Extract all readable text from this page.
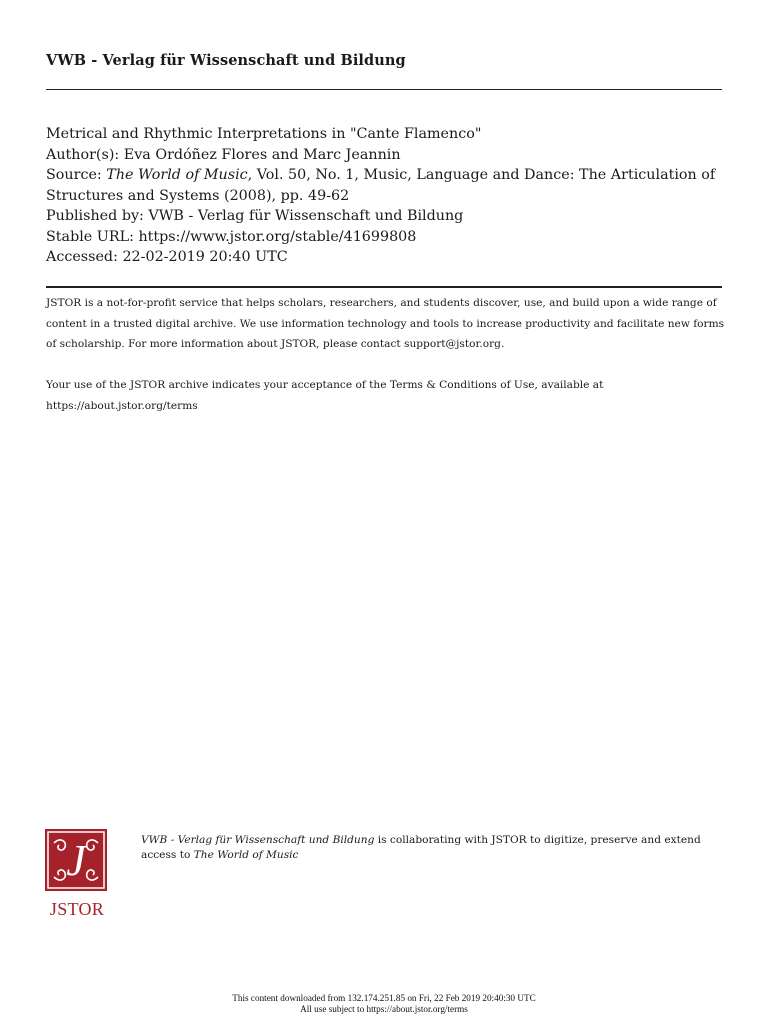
VWB - Verlag für Wissenschaft und Bildung
Metrical and Rhythmic Interpretations in "Cante Flamenco"
Author(s): Eva Ordóñez Flores and Marc Jeannin
Source: The World of Music, Vol. 50, No. 1, Music, Language and Dance: The Articulation of Structures and Systems (2008), pp. 49-62
Published by: VWB - Verlag für Wissenschaft und Bildung
Stable URL: https://www.jstor.org/stable/41699808
Accessed: 22-02-2019 20:40 UTC

JSTOR is a not-for-profit service that helps scholars, researchers, and students discover, use, and build upon a wide range of content in a trusted digital archive. We use information technology and tools to increase productivity and facilitate new forms of scholarship. For more information about JSTOR, please contact support@jstor.org.

Your use of the JSTOR archive indicates your acceptance of the Terms & Conditions of Use, available at https://about.jstor.org/terms

J
JSTOR
VWB - Verlag für Wissenschaft und Bildung is collaborating with JSTOR to digitize, preserve and extend access to The World of Music
This content downloaded from 132.174.251.85 on Fri, 22 Feb 2019 20:40:30 UTC
All use subject to https://about.jstor.org/terms
